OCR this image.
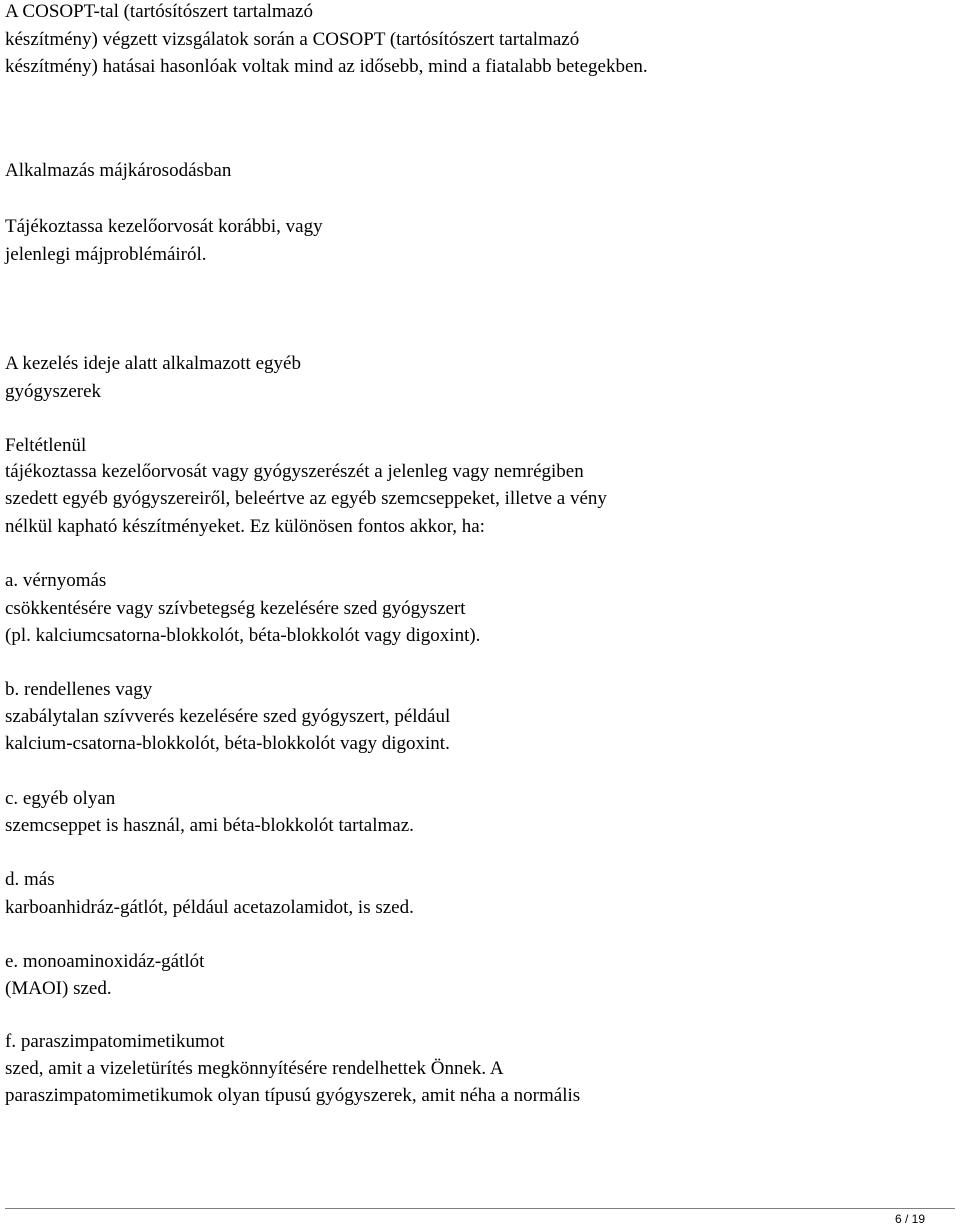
A COSOPT-tal (tartósítószert tartalmazó
készítmény) végzett vizsgálatok során a COSOPT (tartósítószert tartalmazó
készítmény) hatásai hasonlóak voltak mind az idősebb, mind a fiatalabb betegekben.
Alkalmazás májkárosodásban
Tájékoztassa kezelőorvosát korábbi, vagy
jelenlegi májproblémáiról.
A kezelés ideje alatt alkalmazott egyéb
gyógyszerek
Feltétlenül
tájékoztassa kezelőorvosát vagy gyógyszerészét a jelenleg vagy nemrégiben
szedett egyéb gyógyszereiről, beleértve az egyéb szemcseppeket, illetve a vény
nélkül kapható készítményeket. Ez különösen fontos akkor, ha:
a. vérnyomás
csökkentésére vagy szívbetegség kezelésére szed gyógyszert
(pl. kalciumcsatorna-blokkolót, béta-blokkolót vagy digoxint).
b. rendellenes vagy
szabálytalan szívverés kezelésére szed gyógyszert, például
kalcium-csatorna-blokkolót, béta-blokkolót vagy digoxint.
c. egyéb olyan
szemcseppet is használ, ami béta-blokkolót tartalmaz.
d. más
karboanhidráz-gátlót, például acetazolamidot, is szed.
e. monoaminoxidáz-gátlót
(MAOI) szed.
f. paraszimpatomimetikumot
szed, amit a vizeletürítés megkönnyítésére rendelhettek Önnek. A
paraszimpatomimetikumok olyan típusú gyógyszerek, amit néha a normális
6 / 19
